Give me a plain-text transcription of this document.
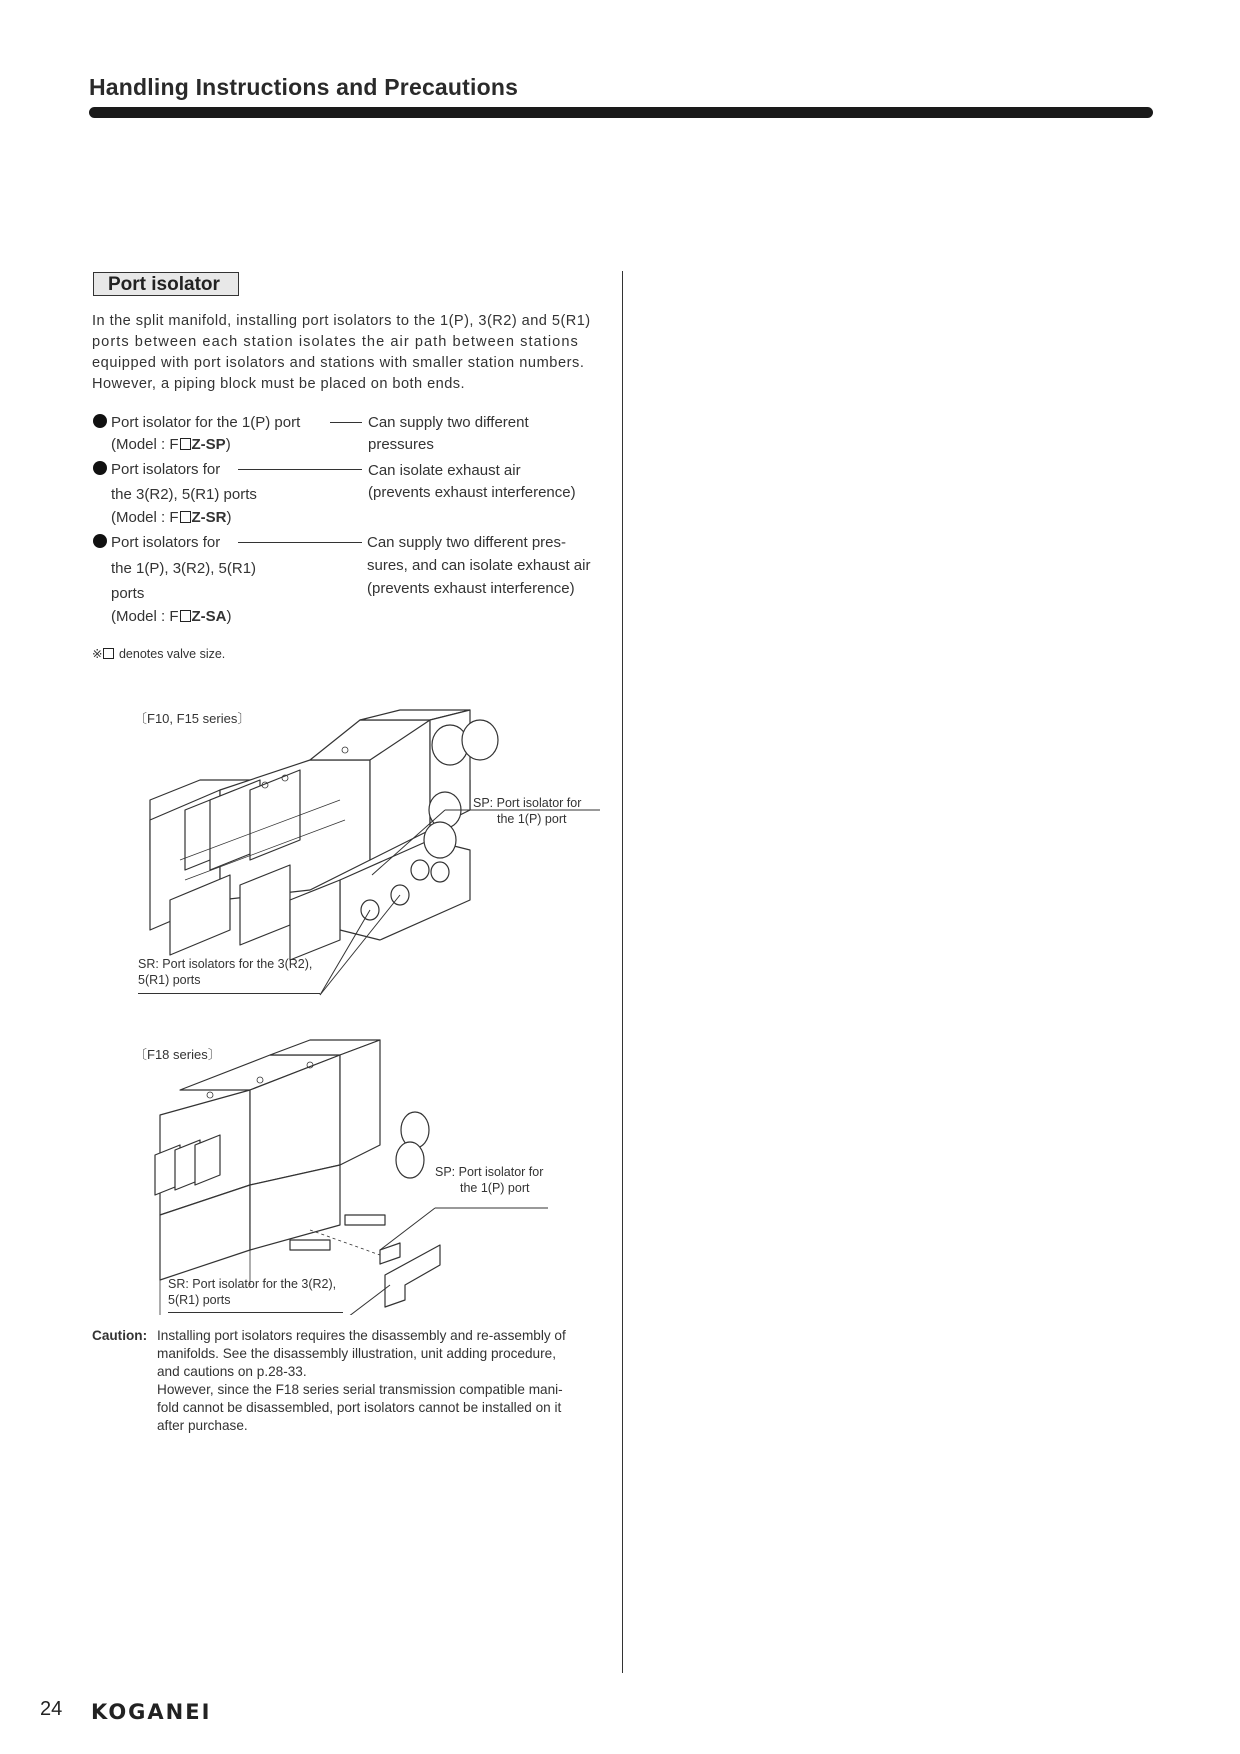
Handling Instructions and Precautions
Port isolator
In the split manifold, installing port isolators to the 1(P), 3(R2) and 5(R1)
ports between each station isolates the air path between stations
equipped with port isolators and stations with smaller station numbers.
However, a piping block must be placed on both ends.
Port isolator for the 1(P) port
(Model : F Z-SP)
Can supply two different
pressures
Port isolators for
the 3(R2), 5(R1) ports
(Model : F Z-SR)
Can isolate exhaust air
(prevents exhaust interference)
Port isolators for
the 1(P), 3(R2), 5(R1)
ports
(Model : F Z-SA)
Can supply two different pres-
sures, and can isolate exhaust air
(prevents exhaust interference)
※ denotes valve size.
〔F10, F15 series〕
SP: Port isolator for
the 1(P) port
SR: Port isolators for the 3(R2),
5(R1) ports
〔F18 series〕
SP: Port isolator for
the 1(P) port
SR: Port isolator for the 3(R2),
5(R1) ports
Caution: Installing port isolators requires the disassembly and re-assembly of
manifolds. See the disassembly illustration, unit adding procedure,
and cautions on p.28-33.
However, since the F18 series serial transmission compatible mani-
fold cannot be disassembled, port isolators cannot be installed on it
after purchase.
24 KOGANEI
